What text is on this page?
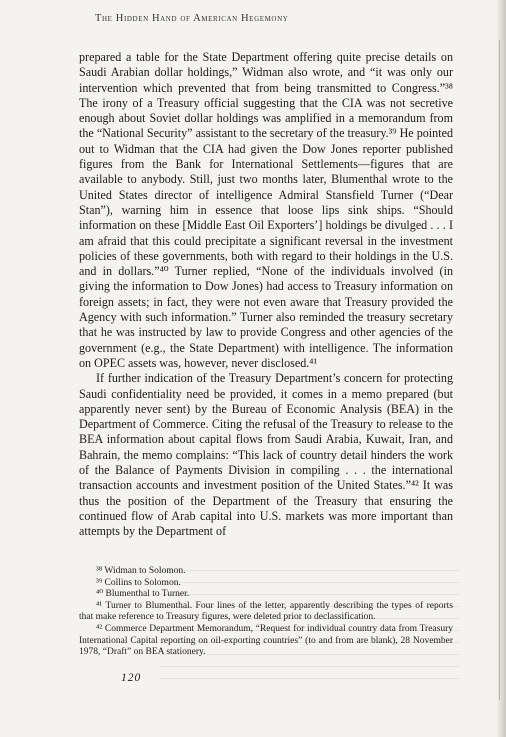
The Hidden Hand of American Hegemony

prepared a table for the State Department offering quite precise details on Saudi Arabian dollar holdings,” Widman also wrote, and “it was only our intervention which prevented that from being transmitted to Congress.”³⁸ The irony of a Treasury official suggesting that the CIA was not secretive enough about Soviet dollar holdings was amplified in a memorandum from the “National Security” assistant to the secretary of the treasury.³⁹ He pointed out to Widman that the CIA had given the Dow Jones reporter published figures from the Bank for International Settlements—figures that are available to anybody. Still, just two months later, Blumenthal wrote to the United States director of intelligence Admiral Stansfield Turner (“Dear Stan”), warning him in essence that loose lips sink ships. “Should information on these [Middle East Oil Exporters’] holdings be divulged . . . I am afraid that this could precipitate a significant reversal in the investment policies of these governments, both with regard to their holdings in the U.S. and in dollars.”⁴⁰ Turner replied, “None of the individuals involved (in giving the information to Dow Jones) had access to Treasury information on foreign assets; in fact, they were not even aware that Treasury provided the Agency with such information.” Turner also reminded the treasury secretary that he was instructed by law to provide Congress and other agencies of the government (e.g., the State Department) with intelligence. The information on OPEC assets was, however, never disclosed.⁴¹

If further indication of the Treasury Department’s concern for protecting Saudi confidentiality need be provided, it comes in a memo prepared (but apparently never sent) by the Bureau of Economic Analysis (BEA) in the Department of Commerce. Citing the refusal of the Treasury to release to the BEA information about capital flows from Saudi Arabia, Kuwait, Iran, and Bahrain, the memo complains: “This lack of country detail hinders the work of the Balance of Payments Division in compiling . . . the international transaction accounts and investment position of the United States.”⁴² It was thus the position of the Department of the Treasury that ensuring the continued flow of Arab capital into U.S. markets was more important than attempts by the Department of

³⁸ Widman to Solomon.

³⁹ Collins to Solomon.

⁴⁰ Blumenthal to Turner.

⁴¹ Turner to Blumenthal. Four lines of the letter, apparently describing the types of reports that make reference to Treasury figures, were deleted prior to declassification.

⁴² Commerce Department Memorandum, “Request for individual country data from Treasury International Capital reporting on oil-exporting countries” (to and from are blank), 28 November 1978, “Draft” on BEA stationery.

120
